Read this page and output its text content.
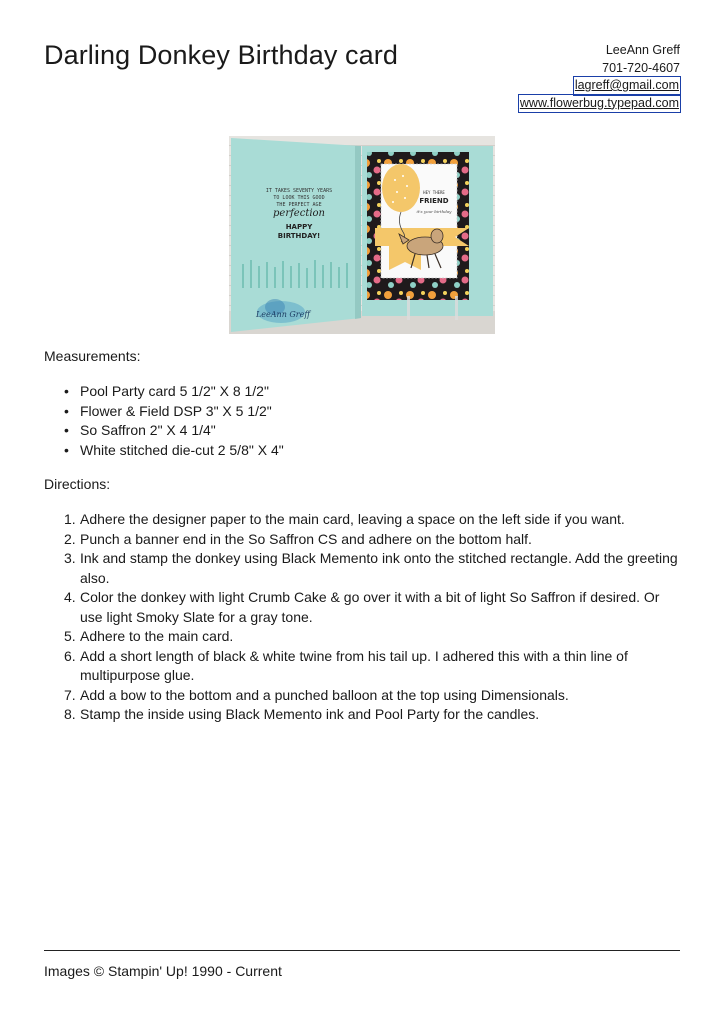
Darling Donkey Birthday card	LeeAnn Greff
701-720-4607
lagreff@gmail.com
www.flowerbug.typepad.com
IT TAKES SEVENTY YEARS
TO LOOK THIS GOOD
THE PERFECT AGE
perfection
HAPPY
BIRTHDAY!
LeeAnn Greff
HEY THERE
FRIEND
it's your birthday
Measurements:
• Pool Party card 5 1/2" X 8 1/2"
• Flower & Field DSP 3" X 5 1/2"
• So Saffron 2" X 4 1/4"
• White stitched die-cut 2 5/8" X 4"
Directions:
1. Adhere the designer paper to the main card, leaving a space on the left side if you want.
2. Punch a banner end in the So Saffron CS and adhere on the bottom half.
3. Ink and stamp the donkey using Black Memento ink onto the stitched rectangle. Add the greeting also.
4. Color the donkey with light Crumb Cake & go over it with a bit of light So Saffron if desired. Or use light Smoky Slate for a gray tone.
5. Adhere to the main card.
6. Add a short length of black & white twine from his tail up. I adhered this with a thin line of multipurpose glue.
7. Add a bow to the bottom and a punched balloon at the top using Dimensionals.
8. Stamp the inside using Black Memento ink and Pool Party for the candles.
Images © Stampin' Up! 1990 - Current
